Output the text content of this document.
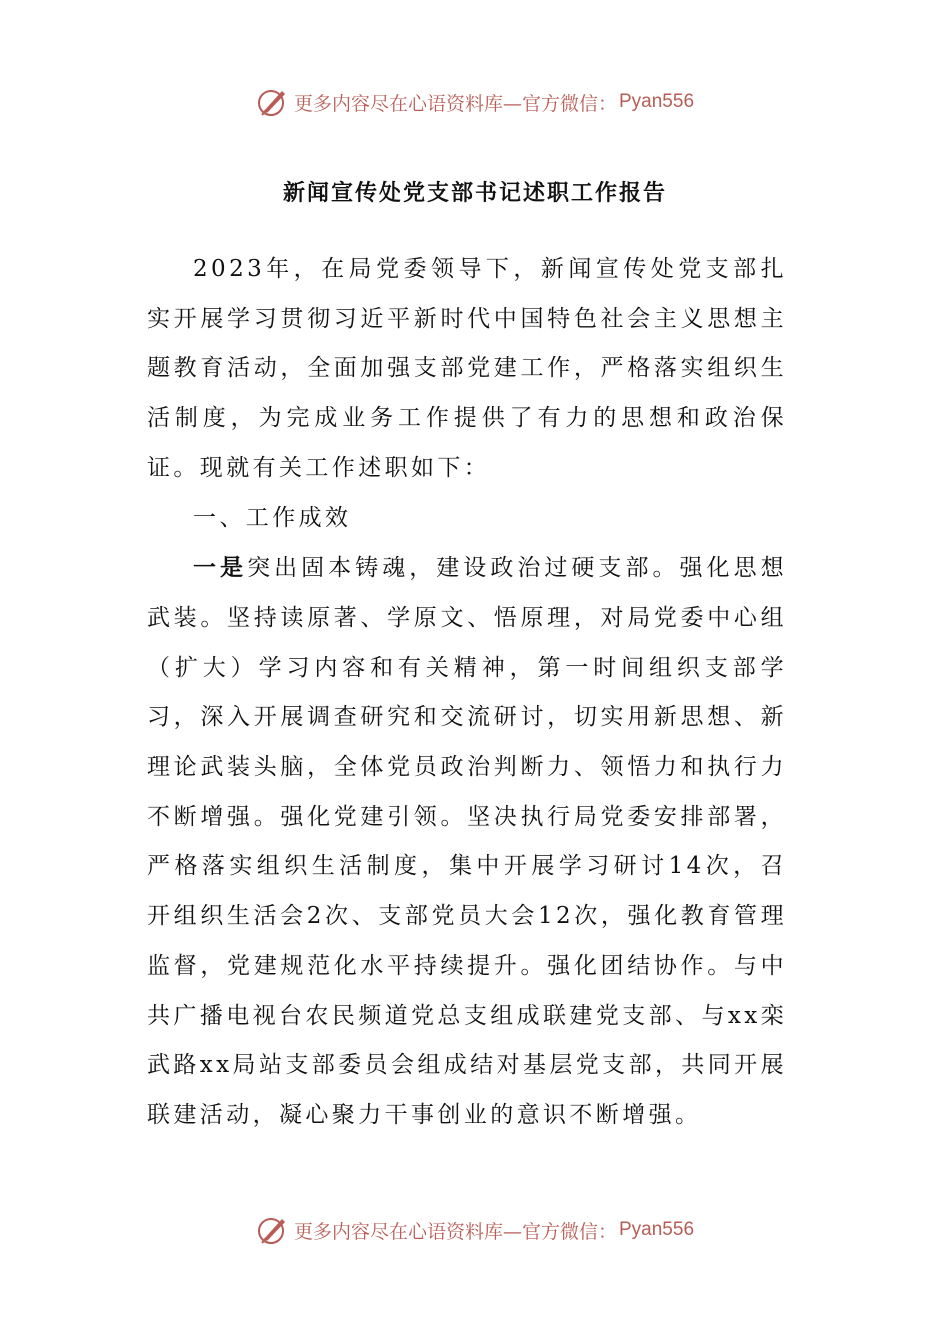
更多内容尽在心语资料库—官方微信： Pyan556
新闻宣传处党支部书记述职工作报告

2023年，在局党委领导下，新闻宣传处党支部扎实开展学习贯彻习近平新时代中国特色社会主义思想主题教育活动，全面加强支部党建工作，严格落实组织生活制度，为完成业务工作提供了有力的思想和政治保证。现就有关工作述职如下：

一、工作成效

一是突出固本铸魂，建设政治过硬支部。强化思想武装。坚持读原著、学原文、悟原理，对局党委中心组（扩大）学习内容和有关精神，第一时间组织支部学习，深入开展调查研究和交流研讨，切实用新思想、新理论武装头脑，全体党员政治判断力、领悟力和执行力不断增强。强化党建引领。坚决执行局党委安排部署，严格落实组织生活制度，集中开展学习研讨14次，召开组织生活会2次、支部党员大会12次，强化教育管理监督，党建规范化水平持续提升。强化团结协作。与中共广播电视台农民频道党总支组成联建党支部、与xx栾武路xx局站支部委员会组成结对基层党支部，共同开展联建活动，凝心聚力干事创业的意识不断增强。

更多内容尽在心语资料库—官方微信： Pyan556
